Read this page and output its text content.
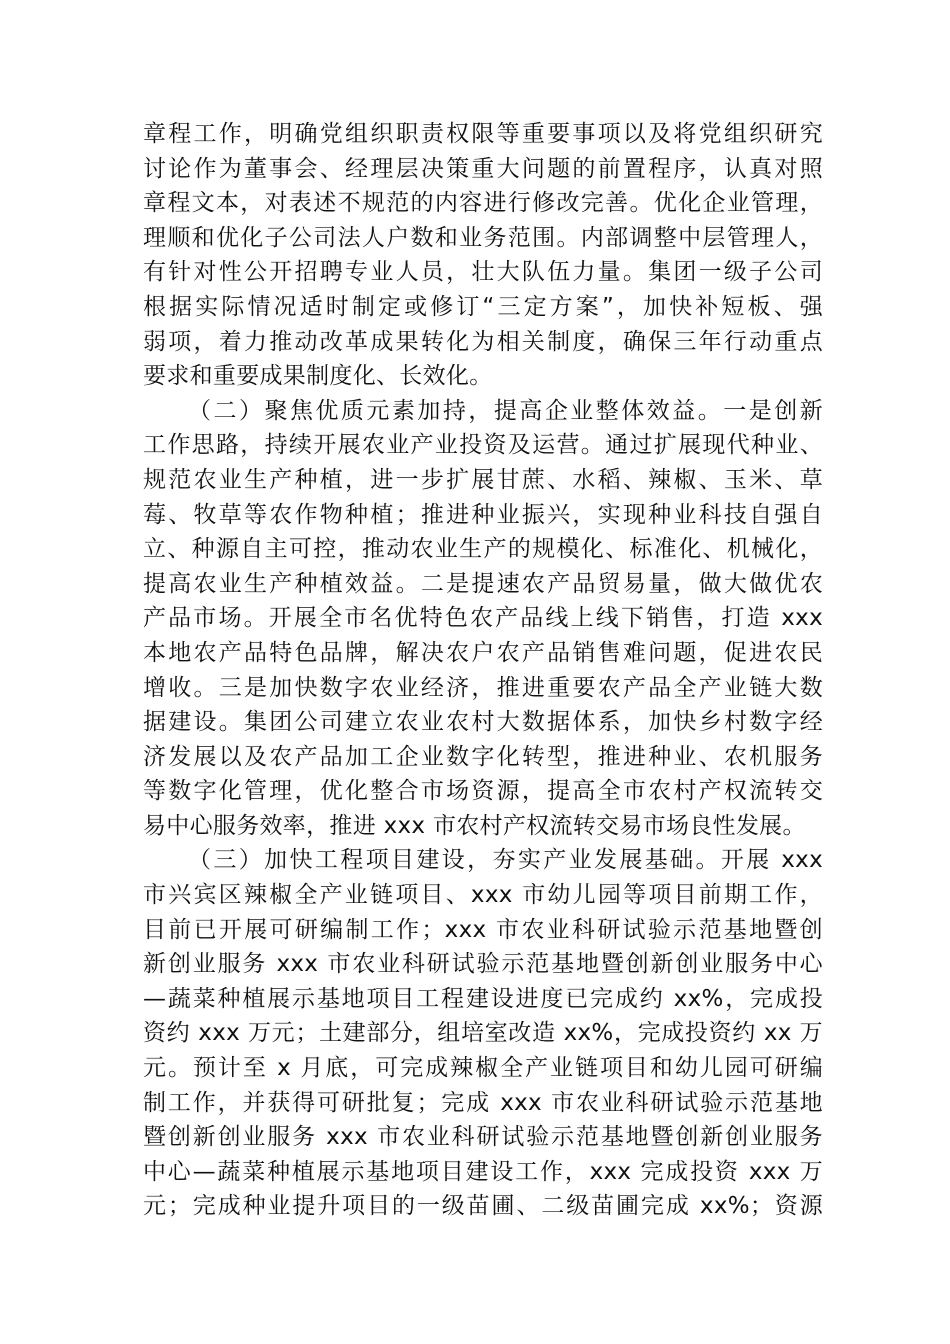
章程工作，明确党组织职责权限等重要事项以及将党组织研究
讨论作为董事会、经理层决策重大问题的前置程序，认真对照
章程文本，对表述不规范的内容进行修改完善。优化企业管理，
理顺和优化子公司法人户数和业务范围。内部调整中层管理人，
有针对性公开招聘专业人员，壮大队伍力量。集团一级子公司
根据实际情况适时制定或修订“三定方案”，加快补短板、强
弱项，着力推动改革成果转化为相关制度，确保三年行动重点
要求和重要成果制度化、长效化。
（二）聚焦优质元素加持，提高企业整体效益。一是创新
工作思路，持续开展农业产业投资及运营。通过扩展现代种业、
规范农业生产种植，进一步扩展甘蔗、水稻、辣椒、玉米、草
莓、牧草等农作物种植；推进种业振兴，实现种业科技自强自
立、种源自主可控，推动农业生产的规模化、标准化、机械化，
提高农业生产种植效益。二是提速农产品贸易量，做大做优农
产品市场。开展全市名优特色农产品线上线下销售，打造 xxx
本地农产品特色品牌，解决农户农产品销售难问题，促进农民
增收。三是加快数字农业经济，推进重要农产品全产业链大数
据建设。集团公司建立农业农村大数据体系，加快乡村数字经
济发展以及农产品加工企业数字化转型，推进种业、农机服务
等数字化管理，优化整合市场资源，提高全市农村产权流转交
易中心服务效率，推进 xxx 市农村产权流转交易市场良性发展。
（三）加快工程项目建设，夯实产业发展基础。开展 xxx
市兴宾区辣椒全产业链项目、xxx 市幼儿园等项目前期工作，
目前已开展可研编制工作；xxx 市农业科研试验示范基地暨创
新创业服务 xxx 市农业科研试验示范基地暨创新创业服务中心
—蔬菜种植展示基地项目工程建设进度已完成约 xx%，完成投
资约 xxx 万元；土建部分，组培室改造 xx%，完成投资约 xx 万
元。预计至 x 月底，可完成辣椒全产业链项目和幼儿园可研编
制工作，并获得可研批复；完成 xxx 市农业科研试验示范基地
暨创新创业服务 xxx 市农业科研试验示范基地暨创新创业服务
中心—蔬菜种植展示基地项目建设工作，xxx 完成投资 xxx 万
元；完成种业提升项目的一级苗圃、二级苗圃完成 xx%；资源
